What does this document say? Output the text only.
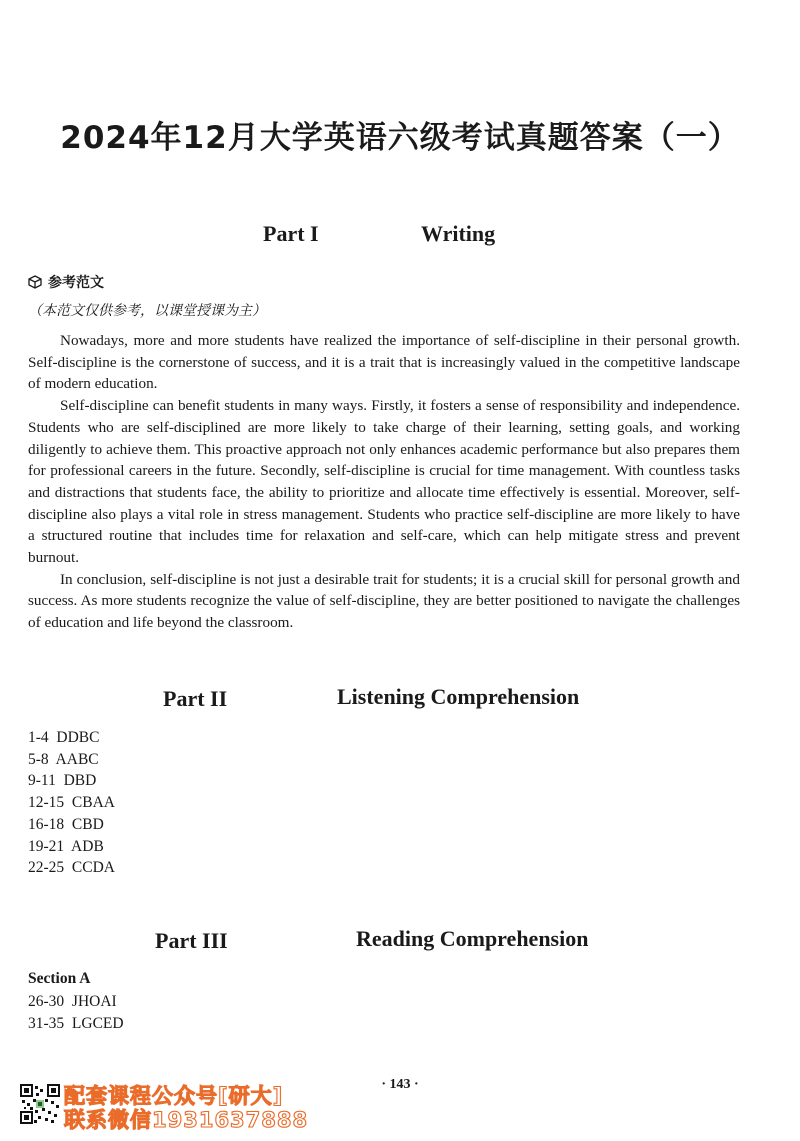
2024年12月大学英语六级考试真题答案（一）
Part I	Writing
参考范文
（本范文仅供参考，以课堂授课为主）

Nowadays, more and more students have realized the importance of self-discipline in their personal growth. Self-discipline is the cornerstone of success, and it is a trait that is increasingly valued in the competitive landscape of modern education.

Self-discipline can benefit students in many ways. Firstly, it fosters a sense of responsibility and independence. Students who are self-disciplined are more likely to take charge of their learning, setting goals, and working diligently to achieve them. This proactive approach not only enhances academic performance but also prepares them for professional careers in the future. Secondly, self-discipline is crucial for time management. With countless tasks and distractions that students face, the ability to prioritize and allocate time effectively is essential. Moreover, self-discipline also plays a vital role in stress management. Students who practice self-discipline are more likely to have a structured routine that includes time for relaxation and self-care, which can help mitigate stress and prevent burnout.

In conclusion, self-discipline is not just a desirable trait for students; it is a crucial skill for personal growth and success. As more students recognize the value of self-discipline, they are better positioned to navigate the challenges of education and life beyond the classroom.

Part II	Listening Comprehension
1-4  DDBC
5-8  AABC
9-11  DBD
12-15  CBAA
16-18  CBD
19-21  ADB
22-25  CCDA
Part III	Reading Comprehension
Section A
26-30  JHOAI
31-35  LGCED
· 143 ·
配套课程公众号[研大]
联系微信1931637888
